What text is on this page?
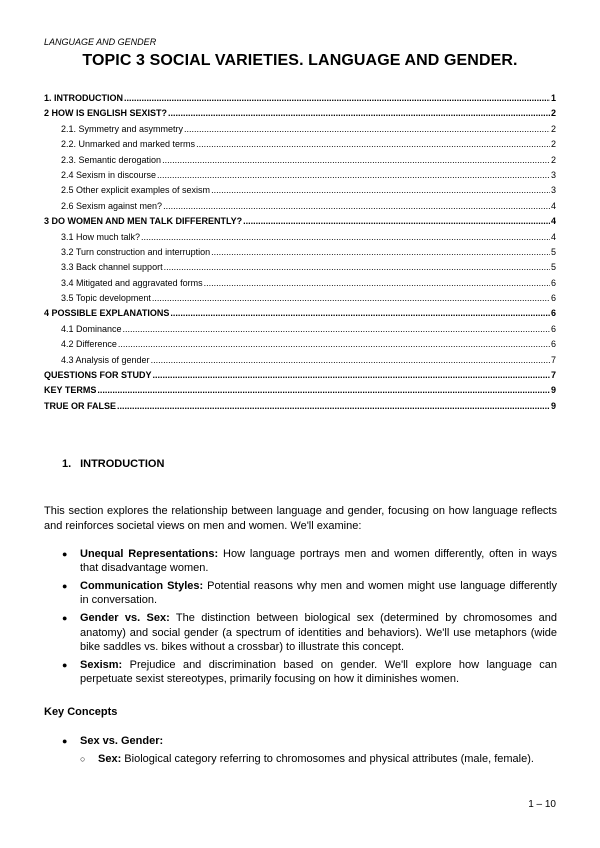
LANGUAGE AND GENDER
TOPIC 3 SOCIAL VARIETIES. LANGUAGE AND GENDER.
1. INTRODUCTION .....	1
2 HOW IS ENGLISH SEXIST? .....	2
2.1. Symmetry and asymmetry .....	2
2.2. Unmarked and marked terms .....	2
2.3. Semantic derogation .....	2
2.4 Sexism in discourse .....	3
2.5 Other explicit examples of sexism .....	3
2.6 Sexism against men? .....	4
3 DO WOMEN AND MEN TALK DIFFERENTLY? .....	4
3.1 How much talk? .....	4
3.2 Turn construction and interruption .....	5
3.3 Back channel support .....	5
3.4 Mitigated and aggravated forms .....	6
3.5 Topic development .....	6
4 POSSIBLE EXPLANATIONS .....	6
4.1 Dominance .....	6
4.2 Difference .....	6
4.3 Analysis of gender .....	7
QUESTIONS FOR STUDY .....	7
KEY TERMS .....	9
TRUE OR FALSE .....	9
1. INTRODUCTION

This section explores the relationship between language and gender, focusing on how language reflects and reinforces societal views on men and women. We'll examine:

● Unequal Representations: How language portrays men and women differently, often in ways that disadvantage women.
● Communication Styles: Potential reasons why men and women might use language differently in conversation.
● Gender vs. Sex: The distinction between biological sex (determined by chromosomes and anatomy) and social gender (a spectrum of identities and behaviors). We'll use metaphors (wide bike saddles vs. bikes without a crossbar) to illustrate this concept.
● Sexism: Prejudice and discrimination based on gender. We'll explore how language can perpetuate sexist stereotypes, primarily focusing on how it diminishes women.
Key Concepts
● Sex vs. Gender:
○ Sex: Biological category referring to chromosomes and physical attributes (male, female).
1 – 10
